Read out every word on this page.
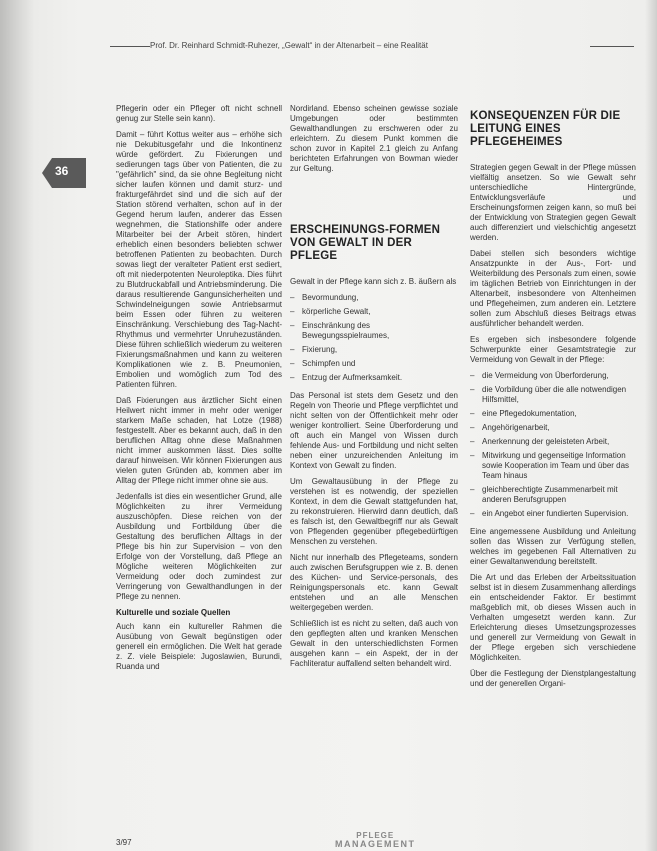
Prof. Dr. Reinhard Schmidt-Ruhezer, „Gewalt“ in der Altenarbeit – eine Realität
36

Pflegerin oder ein Pfleger oft nicht schnell genug zur Stelle sein kann).

Damit – führt Kottus weiter aus – erhöhe sich nie Dekubitusgefahr und die Inkontinenz würde gefördert. Zu Fixierungen und sedierungen tags über von Patienten, die zu "gefährlich" sind, da sie ohne Begleitung nicht sicher laufen können und damit sturz- und frakturgefährdet sind und die sich auf der Station störend verhalten, schon auf in der Gegend herum laufen, anderer das Essen wegnehmen, die Stationshilfe oder andere Mitarbeiter bei der Arbeit stören, hindert erheblich einen besonders beliebten schwer betroffenen Patienten zu beobachten. Durch sowas liegt der veralteter Patient erst sediert, oft mit niederpotenten Neuroleptika. Dies führt zu Blutdruckabfall und Antriebsminderung. Die daraus resultierende Gangunsicherheiten und Schwindelneigungen sowie Antriebsarmut beim Essen oder führen zu weiteren Einschränkung. Verschiebung des Tag-Nacht-Rhythmus und vermehrter Unruhezuständen. Diese führen schließlich wiederum zu weiteren Fixierungsmaßnahmen und kann zu weiteren Komplikationen wie z. B. Pneumonien, Embolien und womöglich zum Tod des Patienten führen.

Daß Fixierungen aus ärztlicher Sicht einen Heilwert nicht immer in mehr oder weniger starkem Maße schaden, hat Lotze (1988) festgestellt. Aber es bekannt auch, daß in den beruflichen Alltag ohne diese Maßnahmen nicht immer auskommen lässt. Dies sollte darauf hinweisen. Wir können Fixierungen aus vielen guten Gründen ab, kommen aber im Alltag der Pflege nicht immer ohne sie aus.

Jedenfalls ist dies ein wesentlicher Grund, alle Möglichkeiten zu ihrer Vermeidung auszuschöpfen. Diese reichen von der Ausbildung und Fortbildung über die Gestaltung des beruflichen Alltags in der Pflege bis hin zur Supervision – von den Erfolge von der Vorstellung, daß Pflege an Mögliche weiteren Möglichkeiten zur Vermeidung oder doch zumindest zur Verringerung von Gewalthandlungen in der Pflege zu nennen.

Kulturelle und soziale Quellen

Auch kann ein kultureller Rahmen die Ausübung von Gewalt begünstigen oder generell ein ermöglichen. Die Welt hat gerade z. Z. viele Beispiele: Jugoslawien, Burundi, Ruanda und

Nordirland. Ebenso scheinen gewisse soziale Umgebungen oder bestimmten Gewalthandlungen zu erschweren oder zu erleichtern. Zu diesem Punkt kommen die schon zuvor in Kapitel 2.1 gleich zu Anfang berichteten Erfahrungen von Bowman wieder zur Geltung.

ERSCHEINUNGS-FORMEN VON GEWALT IN DER PFLEGE

Gewalt in der Pflege kann sich z. B. äußern als

– Bevormundung,
– körperliche Gewalt,
– Einschränkung des Bewegungsspielraumes,
– Fixierung,
– Schimpfen und
– Entzug der Aufmerksamkeit.

Das Personal ist stets dem Gesetz und den Regeln von Theorie und Pflege verpflichtet und nicht selten von der Öffentlichkeit mehr oder weniger kontrolliert. Seine Überforderung und oft auch ein Mangel von Wissen durch fehlende Aus- und Fortbildung und nicht selten neben einer unzureichenden Anleitung im Kontext von Gewalt zu finden.

Um Gewaltausübung in der Pflege zu verstehen ist es notwendig, der speziellen Kontext, in dem die Gewalt stattgefunden hat, zu rekonstruieren. Hierwird dann deutlich, daß es falsch ist, den Gewaltbegriff nur als Gewalt von Pflegenden gegenüber pflegebedürftigen Menschen zu verstehen.

Nicht nur innerhalb des Pflegeteams, sondern auch zwischen Berufsgruppen wie z. B. denen des Küchen- und Service-personals, des Reinigungspersonals etc. kann Gewalt entstehen und an alle Menschen weitergegeben werden.

Schließlich ist es nicht zu selten, daß auch von den gepflegten alten und kranken Menschen Gewalt in den unterschiedlichsten Formen ausgehen kann – ein Aspekt, der in der Fachliteratur auffallend selten behandelt wird.

KONSEQUENZEN FÜR DIE LEITUNG EINES PFLEGEHEIMES

Strategien gegen Gewalt in der Pflege müssen vielfältig ansetzen. So wie Gewalt sehr unterschiedliche Hintergründe, Entwicklungsverläufe und Erscheinungsformen zeigen kann, so muß bei der Entwicklung von Strategien gegen Gewalt auch differenziert und vielschichtig angesetzt werden.

Dabei stellen sich besonders wichtige Ansatzpunkte in der Aus-, Fort- und Weiterbildung des Personals zum einen, sowie im täglichen Betrieb von Einrichtungen in der Altenarbeit, insbesondere von Altenheimen und Pflegeheimen, zum anderen ein. Letztere sollen zum Abschluß dieses Beitrags etwas ausführlicher behandelt werden.

Es ergeben sich insbesondere folgende Schwerpunkte einer Gesamtstrategie zur Vermeidung von Gewalt in der Pflege:

– die Vermeidung von Überforderung,
– die Vorbildung über die alle notwendigen Hilfsmittel,
– eine Pflegedokumentation,
– Angehörigenarbeit,
– Anerkennung der geleisteten Arbeit,
– Mitwirkung und gegenseitige Information sowie Kooperation im Team und über das Team hinaus
– gleichberechtigte Zusammenarbeit mit anderen Berufsgruppen
– ein Angebot einer fundierten Supervision.

Eine angemessene Ausbildung und Anleitung sollen das Wissen zur Verfügung stellen, welches im gegebenen Fall Alternativen zu einer Gewaltanwendung bereitstellt.

Die Art und das Erleben der Arbeitssituation selbst ist in diesem Zusammenhang allerdings ein entscheidender Faktor. Er bestimmt maßgeblich mit, ob dieses Wissen auch in Verhalten umgesetzt werden kann. Zur Erleichterung dieses Umsetzungsprozesses und generell zur Vermeidung von Gewalt in der Pflege ergeben sich verschiedene Möglichkeiten.

Über die Festlegung der Dienstplangestaltung und der generellen Organi-

3/97
PFLEGE
MANAGEMENT
